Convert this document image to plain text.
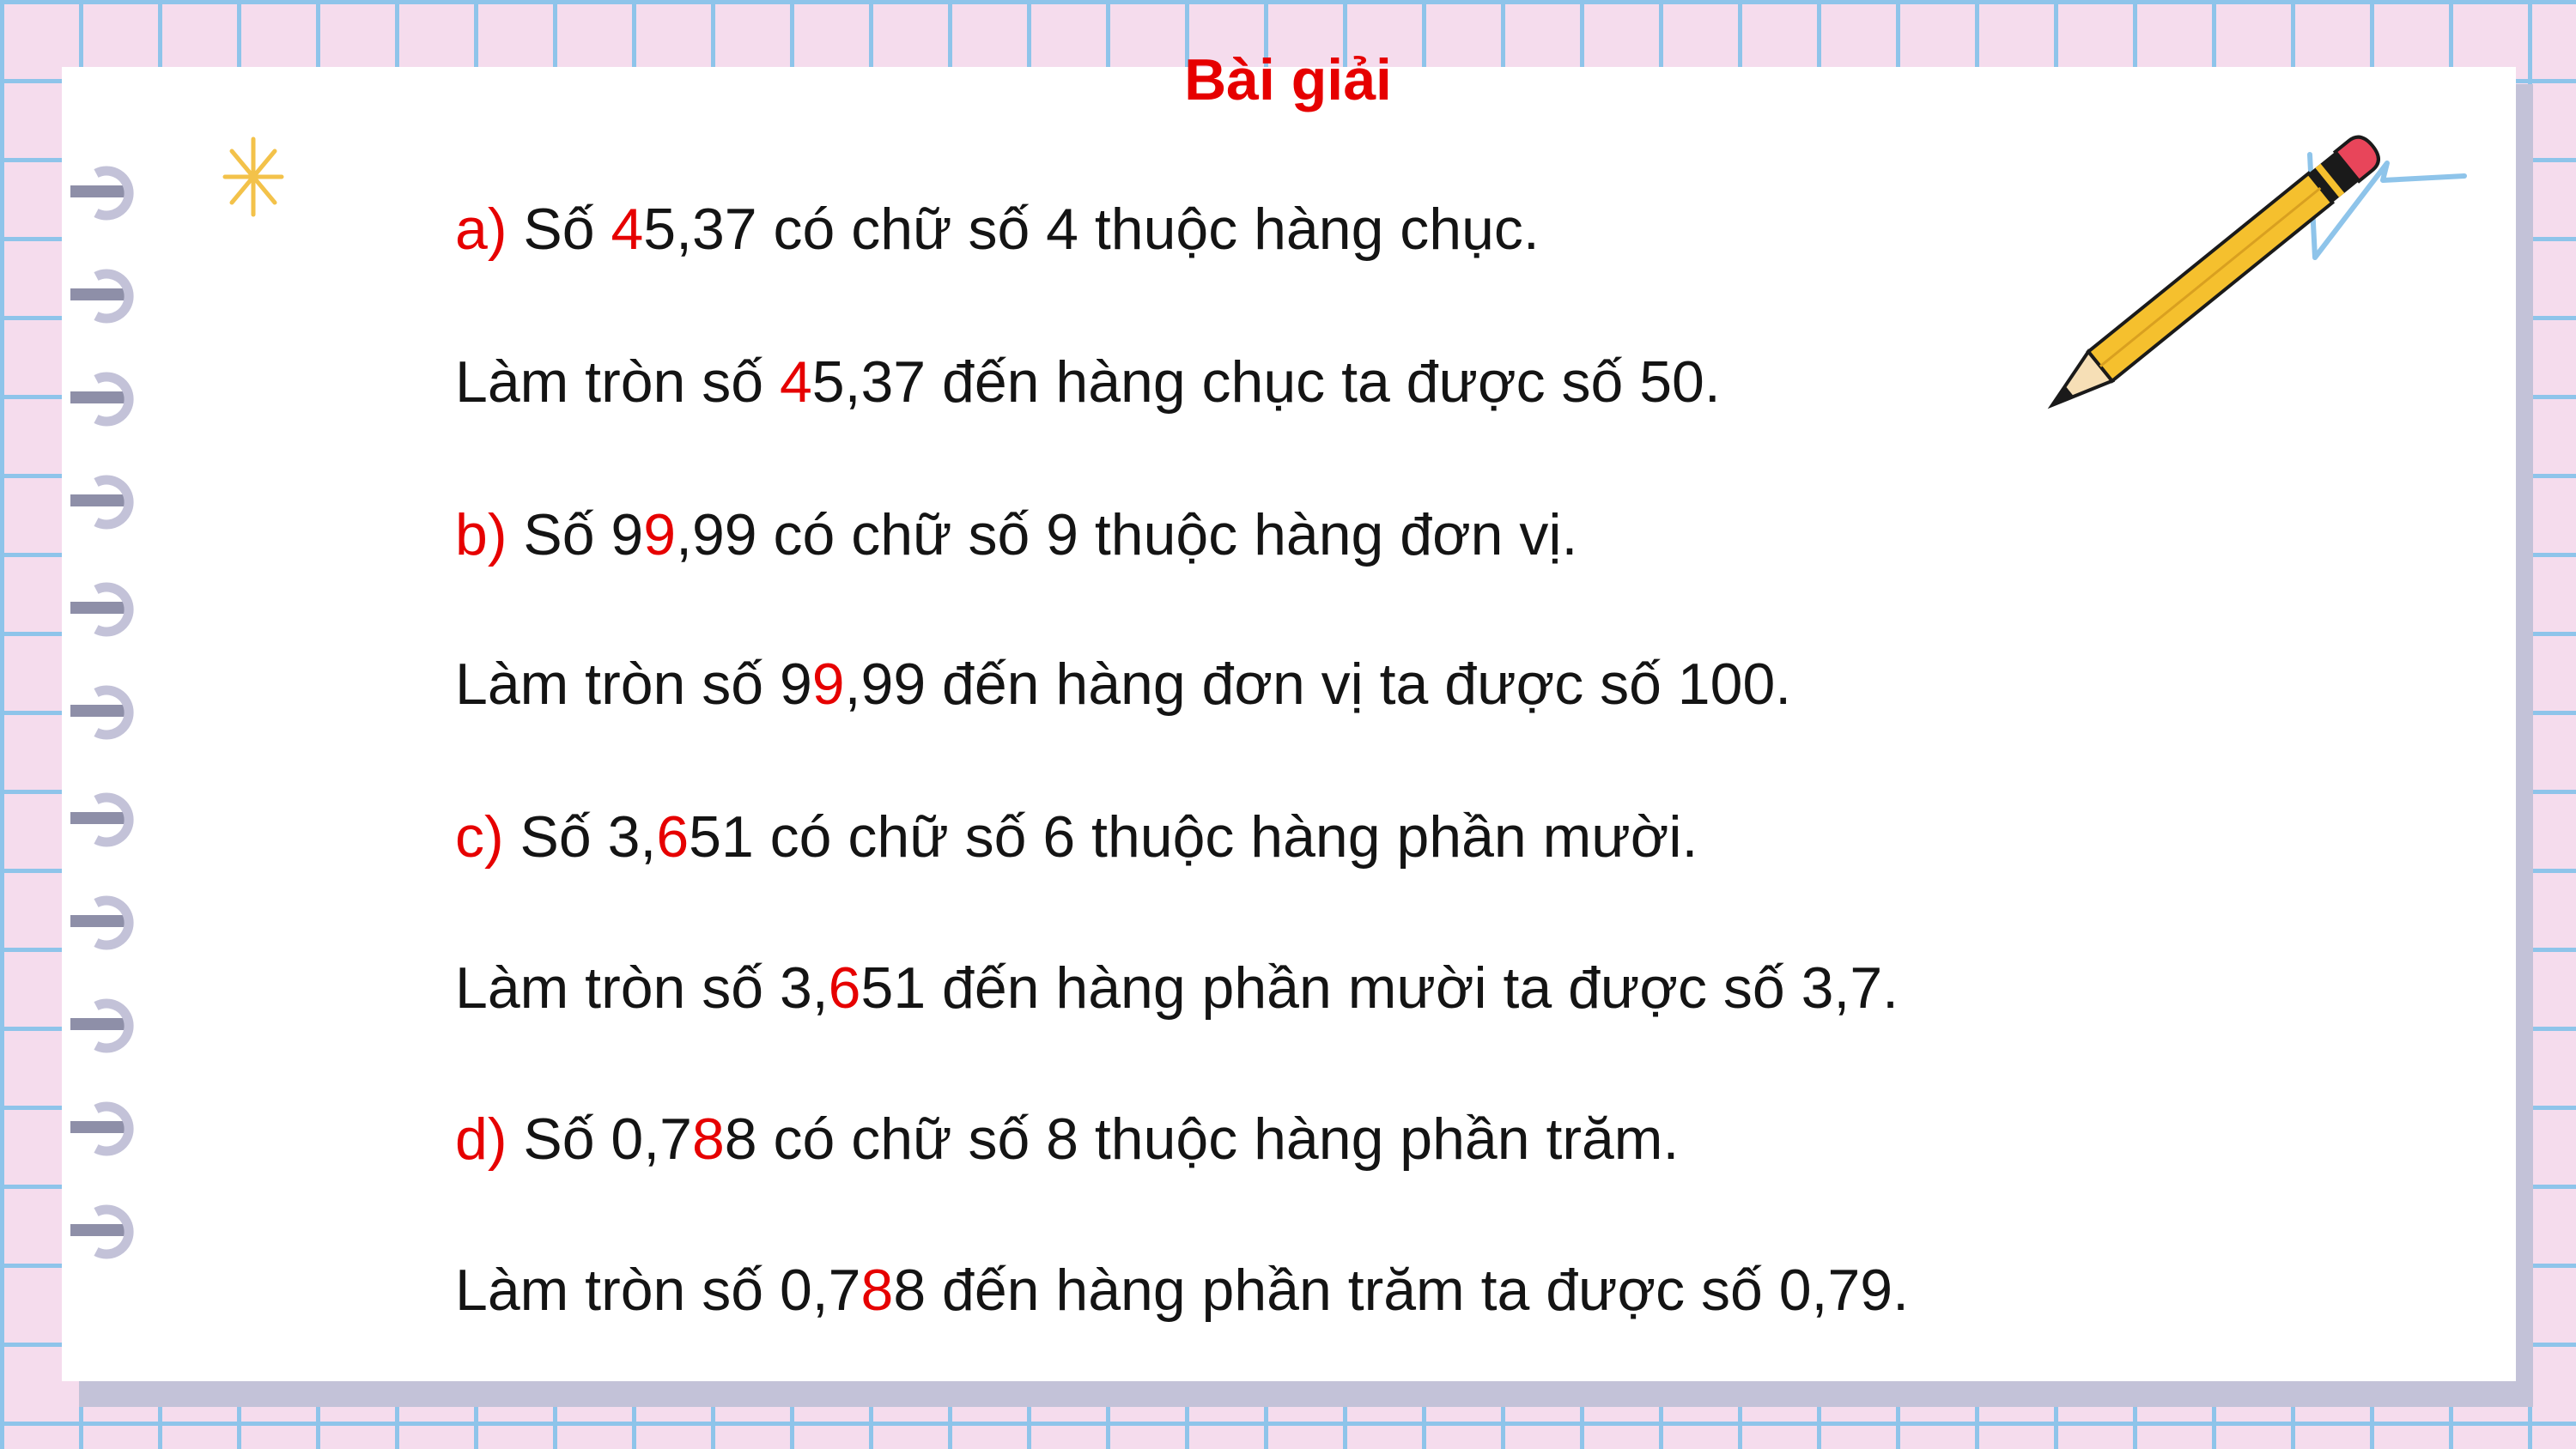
Bài giải
a) Số 45,37 có chữ số 4 thuộc hàng chục.
Làm tròn số 45,37 đến hàng chục ta được số 50.
b) Số 99,99 có chữ số 9 thuộc hàng đơn vị.
Làm tròn số 99,99 đến hàng đơn vị ta được số 100.
c) Số 3,651 có chữ số 6 thuộc hàng phần mười.
Làm tròn số 3,651 đến hàng phần mười ta được số 3,7.
d) Số 0,788 có chữ số 8 thuộc hàng phần trăm.
Làm tròn số 0,788 đến hàng phần trăm ta được số 0,79.
